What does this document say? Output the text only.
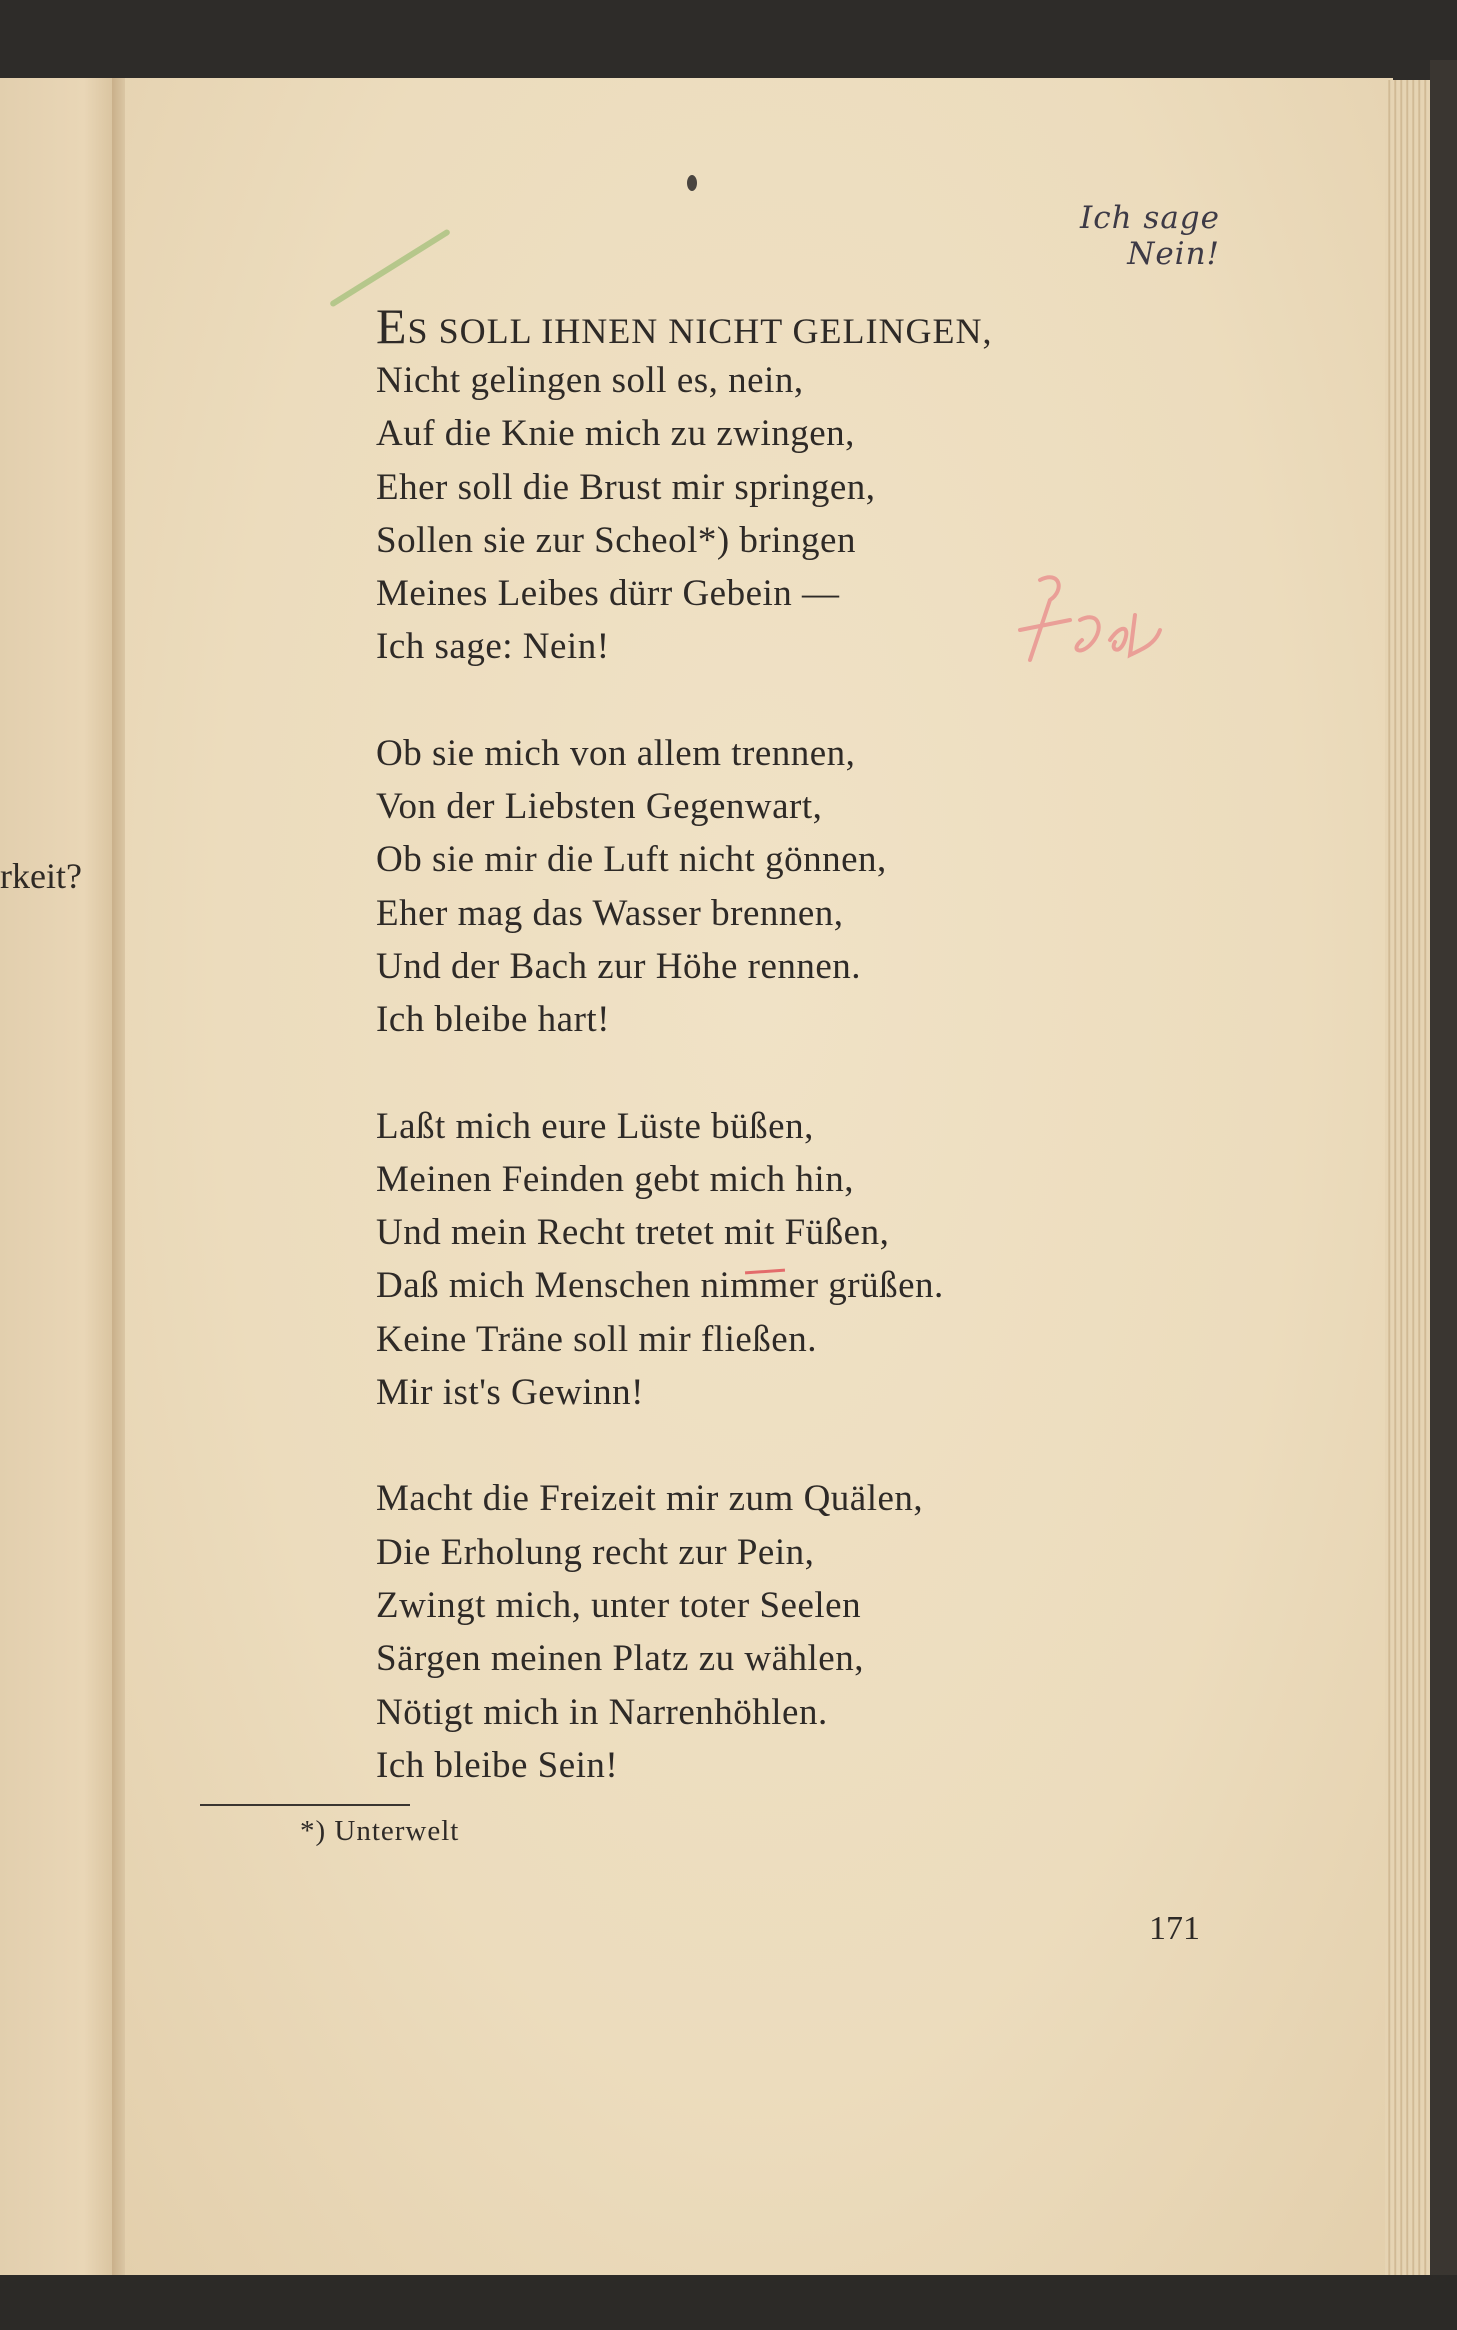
rkeit?
Ich sage Nein!
ES SOLL IHNEN NICHT GELINGEN,
Nicht gelingen soll es, nein,
Auf die Knie mich zu zwingen,
Eher soll die Brust mir springen,
Sollen sie zur Scheol*) bringen
Meines Leibes dürr Gebein —
Ich sage: Nein!
Ob sie mich von allem trennen,
Von der Liebsten Gegenwart,
Ob sie mir die Luft nicht gönnen,
Eher mag das Wasser brennen,
Und der Bach zur Höhe rennen.
Ich bleibe hart!
Laßt mich eure Lüste büßen,
Meinen Feinden gebt mich hin,
Und mein Recht tretet mit Füßen,
Daß mich Menschen nimmer grüßen.
Keine Träne soll mir fließen.
Mir ist's Gewinn!
Macht die Freizeit mir zum Quälen,
Die Erholung recht zur Pein,
Zwingt mich, unter toter Seelen
Särgen meinen Platz zu wählen,
Nötigt mich in Narrenhöhlen.
Ich bleibe Sein!
*) Unterwelt
171
